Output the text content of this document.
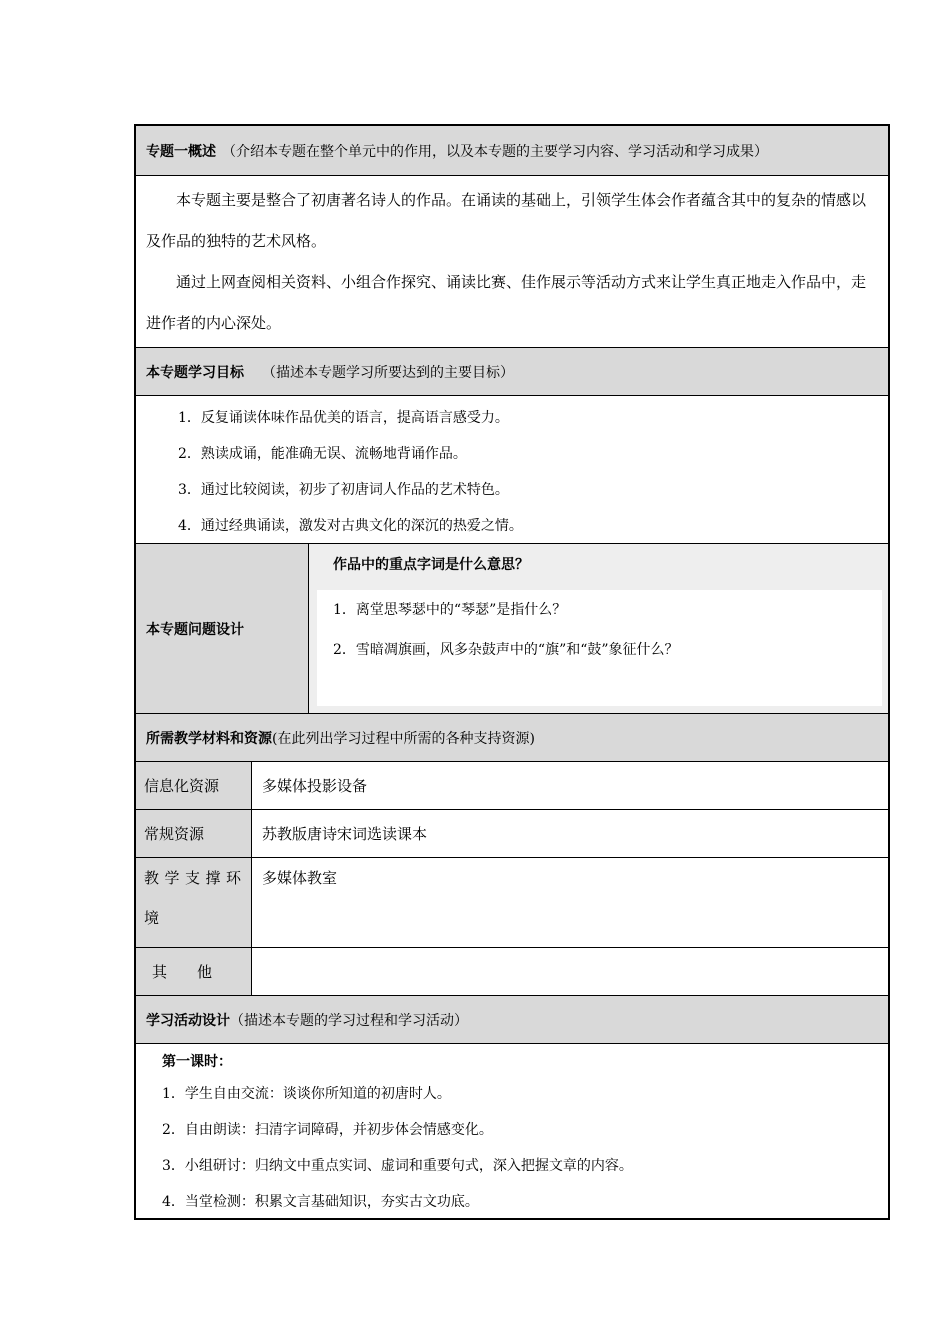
专题一概述 （介绍本专题在整个单元中的作用，以及本专题的主要学习内容、学习活动和学习成果）

本专题主要是整合了初唐著名诗人的作品。在诵读的基础上，引领学生体会作者蕴含其中的复杂的情感以及作品的独特的艺术风格。

通过上网查阅相关资料、小组合作探究、诵读比赛、佳作展示等活动方式来让学生真正地走入作品中，走进作者的内心深处。

本专题学习目标 （描述本专题学习所要达到的主要目标）
1．反复诵读体味作品优美的语言，提高语言感受力。
2．熟读成诵，能准确无误、流畅地背诵作品。
3．通过比较阅读，初步了初唐词人作品的艺术特色。
4．通过经典诵读，激发对古典文化的深沉的热爱之情。
本专题问题设计
作品中的重点字词是什么意思？
1．离堂思琴瑟中的“琴瑟”是指什么？
2．雪暗凋旗画，风多杂鼓声中的“旗”和“鼓”象征什么？
所需教学材料和资源 (在此列出学习过程中所需的各种支持资源)
信息化资源	多媒体投影设备
常规资源	苏教版唐诗宋词选读课本
教学支撑环
境
多媒体教室
其　　他
学习活动设计 （描述本专题的学习过程和学习活动）
第一课时：
1．学生自由交流：谈谈你所知道的初唐时人。
2．自由朗读：扫清字词障碍，并初步体会情感变化。
3．小组研讨：归纳文中重点实词、虚词和重要句式，深入把握文章的内容。
4．当堂检测：积累文言基础知识，夯实古文功底。
